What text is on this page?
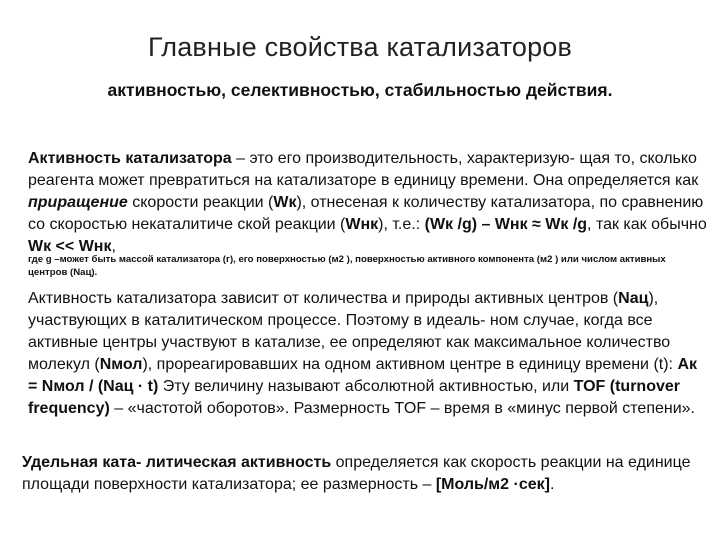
Главные свойства катализаторов
активностью, селективностью, стабильностью действия.

Активность катализатора – это его производительность, характеризую- щая то, сколько реагента может превратиться на катализаторе в единицу времени. Она определяется как приращение скорости реакции (Wк), отнесеная к количеству катализатора, по сравнению со скоростью некаталитиче ской реакции (Wнк), т.е.: (Wк /g) – Wнк ≈ Wк /g, так как обычно Wк << Wнк,

где g –может быть массой катализатора (г), его поверхностью (м2 ), поверхностью активного компонента (м2 ) или числом активных центров (Nац).

Активность катализатора зависит от количества и природы активных центров (Nац), участвующих в каталитическом процессе. Поэтому в идеаль- ном случае, когда все активные центры участвуют в катализе, ее определяют как максимальное количество молекул (Nмол), прореагировавших на одном активном центре в единицу времени (t): Ак = Nмол / (Nац · t) Эту величину называют абсолютной активностью, или TOF (turnover frequency) – «частотой оборотов». Размерность TOF – время в «минус первой степени».

Удельная ката- литическая активность определяется как скорость реакции на единице площади поверхности катализатора; ее размерность – [Моль/м2 ·сек].
